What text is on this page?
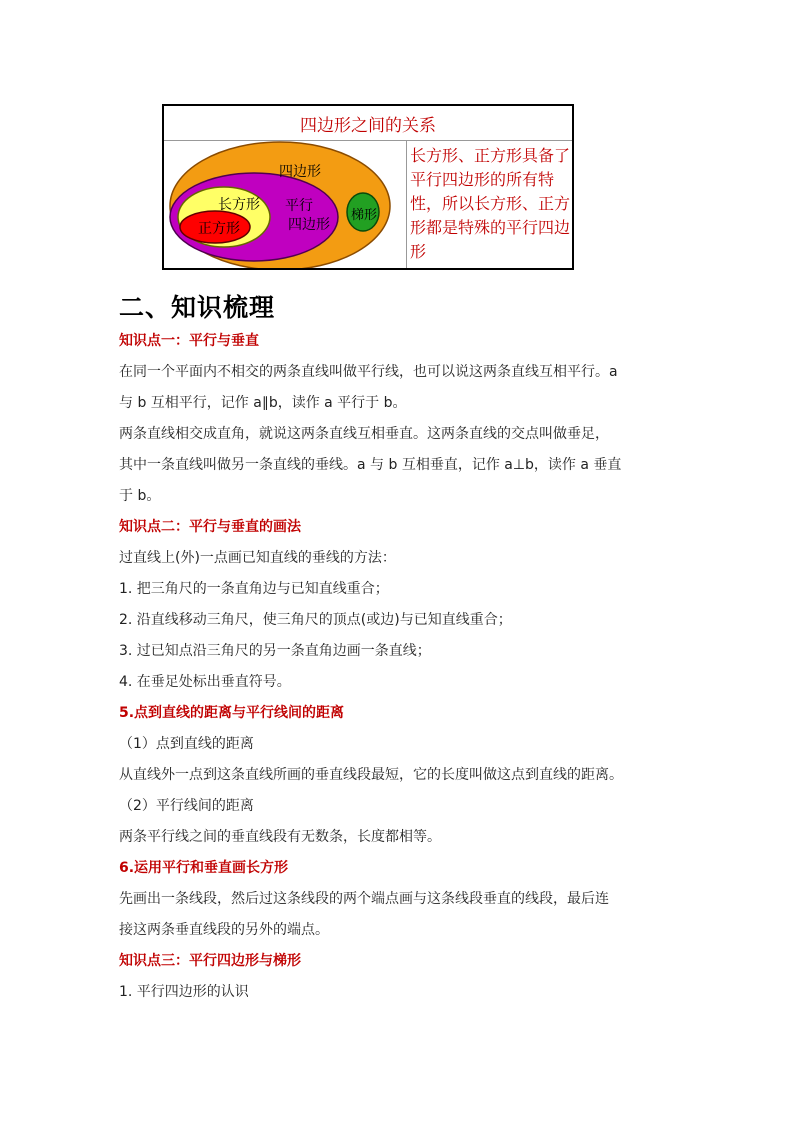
四边形之间的关系
四边形
平行
四边形
长方形
正方形
梯形
长方形、正方形具备了平行四边形的所有特性，所以长方形、正方形都是特殊的平行四边形
二、知识梳理
知识点一：平行与垂直
在同一个平面内不相交的两条直线叫做平行线，也可以说这两条直线互相平行。a
与 b 互相平行，记作 a∥b，读作 a 平行于 b。
两条直线相交成直角，就说这两条直线互相垂直。这两条直线的交点叫做垂足，
其中一条直线叫做另一条直线的垂线。a 与 b 互相垂直，记作 a⊥b，读作 a 垂直
于 b。
知识点二：平行与垂直的画法
过直线上(外)一点画已知直线的垂线的方法：
1. 把三角尺的一条直角边与已知直线重合；
2. 沿直线移动三角尺，使三角尺的顶点(或边)与已知直线重合；
3. 过已知点沿三角尺的另一条直角边画一条直线；
4. 在垂足处标出垂直符号。
5.点到直线的距离与平行线间的距离
（1）点到直线的距离
从直线外一点到这条直线所画的垂直线段最短，它的长度叫做这点到直线的距离。
（2）平行线间的距离
两条平行线之间的垂直线段有无数条，长度都相等。
6.运用平行和垂直画长方形
先画出一条线段，然后过这条线段的两个端点画与这条线段垂直的线段，最后连
接这两条垂直线段的另外的端点。
知识点三：平行四边形与梯形
1. 平行四边形的认识
